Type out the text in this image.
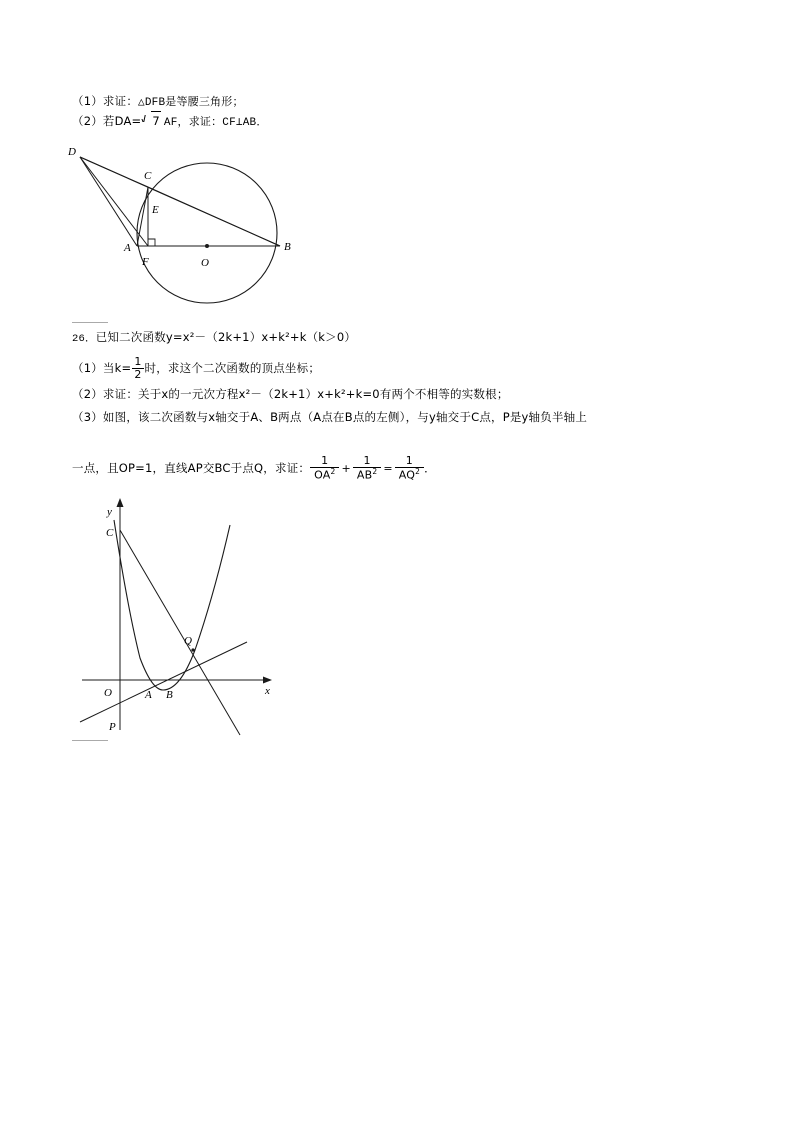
（1）求证：△DFB是等腰三角形；
（2）若DA= 7 AF，求证：CF⊥AB．
D
C
E
A
F	O
B
26．已知二次函数y=x²－（2k+1）x+k²+k（k＞0）
（1）当$k= \frac{1}{2}$ 时，求这个二次函数的顶点坐标；
（2）求证：关于x的一元次方程x²－（2k+1）x+k²+k=0有两个不相等的实数根；
（3）如图，该二次函数与x轴交于A、B两点（A点在B点的左侧），与y轴交于C点，P是y轴负半轴上
一点，且OP=1，直线AP交BC于点Q，求证： $\frac{1}{OA^2} + \frac{1}{AB^2} = \frac{1}{AQ^2}$ ．
y
C
Q
O	A B	x
P
